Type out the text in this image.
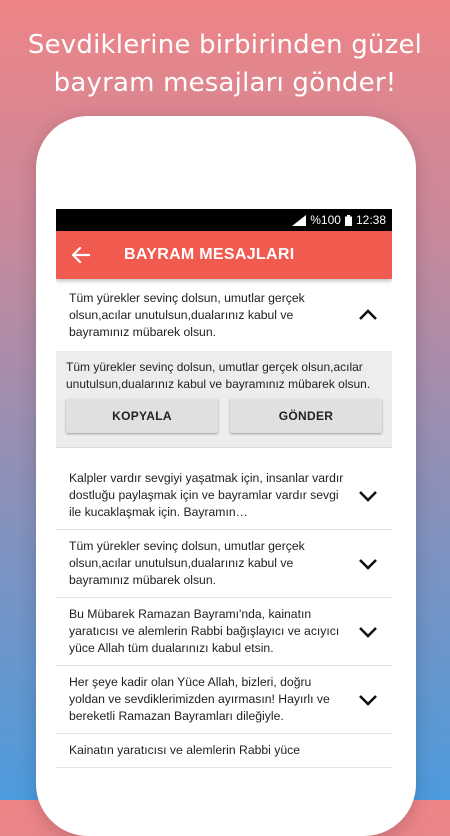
Sevdiklerine birbirinden güzel
bayram mesajları gönder!
%100 12:38
BAYRAM MESAJLARI
Tüm yürekler sevinç dolsun, umutlar gerçek olsun,acılar unutulsun,dualarınız kabul ve bayramınız mübarek olsun.
Tüm yürekler sevinç dolsun, umutlar gerçek olsun,acılar unutulsun,dualarınız kabul ve bayramınız mübarek olsun.
KOPYALA	GÖNDER
Kalpler vardır sevgiyi yaşatmak için, insanlar vardır dostluğu paylaşmak için ve bayramlar vardır sevgi ile kucaklaşmak için. Bayramın…
Tüm yürekler sevinç dolsun, umutlar gerçek olsun,acılar unutulsun,dualarınız kabul ve bayramınız mübarek olsun.
Bu Mübarek Ramazan Bayramı'nda, kainatın yaratıcısı ve alemlerin Rabbi bağışlayıcı ve acıyıcı yüce Allah tüm dualarınızı kabul etsin.
Her şeye kadir olan Yüce Allah, bizleri, doğru yoldan ve sevdiklerimizden ayırmasın! Hayırlı ve bereketli Ramazan Bayramları dileğiyle.
Kainatın yaratıcısı ve alemlerin Rabbi yüce
